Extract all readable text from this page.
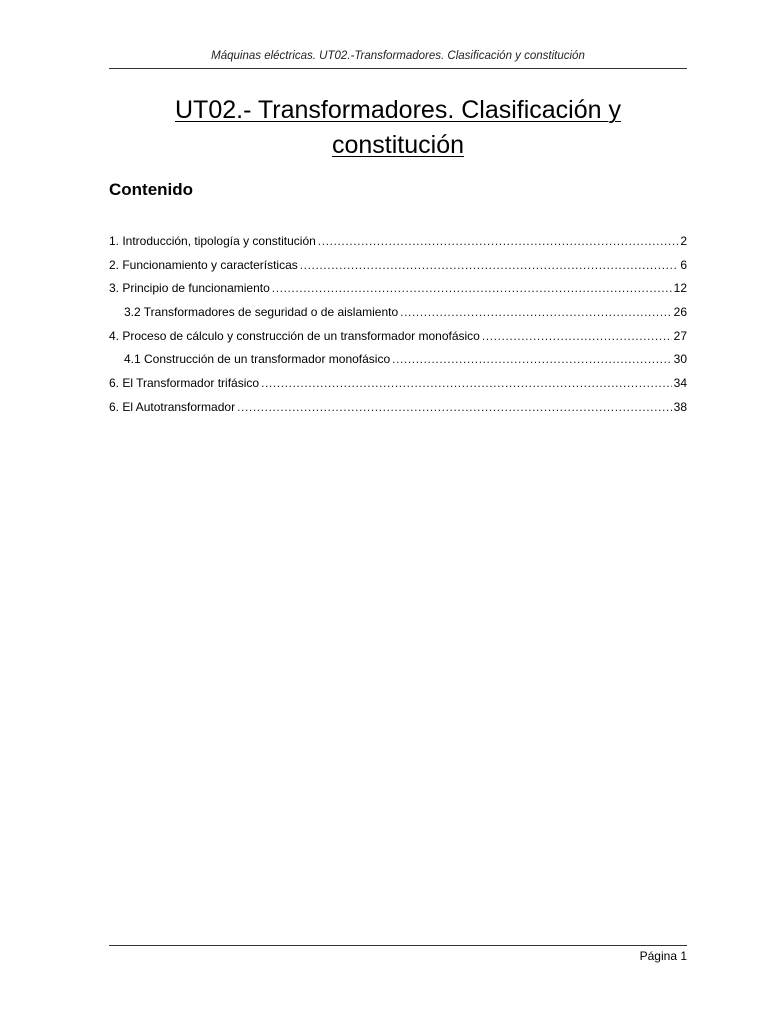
Máquinas eléctricas. UT02.-Transformadores. Clasificación y constitución
UT02.- Transformadores. Clasificación y
constitución
Contenido
1. Introducción, tipología y constitución .....	2
2. Funcionamiento y características .....	6
3. Principio de funcionamiento .....	12
3.2 Transformadores de seguridad o de aislamiento .....	26
4. Proceso de cálculo y construcción de un transformador monofásico .....	27
4.1 Construcción de un transformador monofásico .....	30
6. El Transformador trifásico .....	34
6. El Autotransformador .....	38
Página 1
